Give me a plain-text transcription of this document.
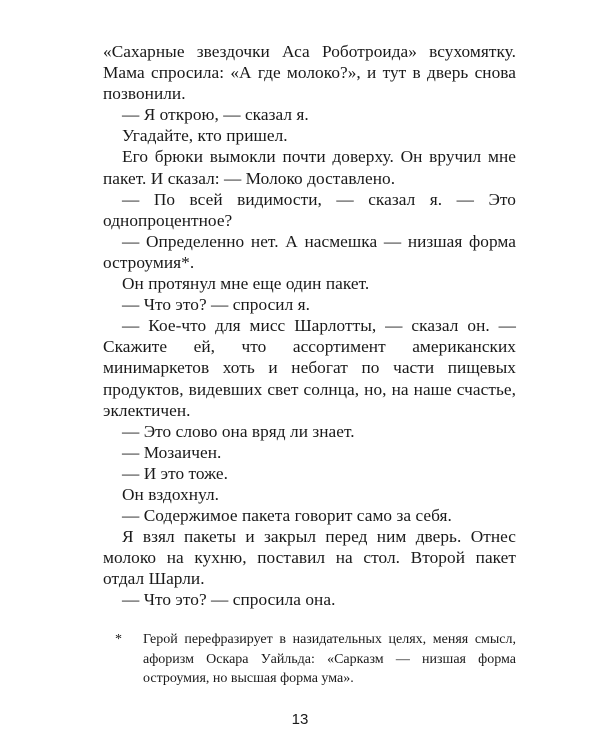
«Сахарные звездочки Аса Роботроида» всухомятку. Мама спросила: «А где молоко?», и тут в дверь снова позвонили.

— Я открою, — сказал я.

Угадайте, кто пришел.

Его брюки вымокли почти доверху. Он вручил мне пакет. И сказал: — Молоко доставлено.

— По всей видимости, — сказал я. — Это однопроцентное?

— Определенно нет. А насмешка — низшая форма остроумия*.

Он протянул мне еще один пакет.

— Что это? — спросил я.

— Кое-что для мисс Шарлотты, — сказал он. — Скажите ей, что ассортимент американских минимаркетов хоть и небогат по части пищевых продуктов, видевших свет солнца, но, на наше счастье, эклектичен.

— Это слово она вряд ли знает.

— Мозаичен.

— И это тоже.

Он вздохнул.

— Содержимое пакета говорит само за себя.

Я взял пакеты и закрыл перед ним дверь. Отнес молоко на кухню, поставил на стол. Второй пакет отдал Шарли.

— Что это? — спросила она.

* Герой перефразирует в назидательных целях, меняя смысл, афоризм Оскара Уайльда: «Сарказм — низшая форма остроумия, но высшая форма ума».
13
